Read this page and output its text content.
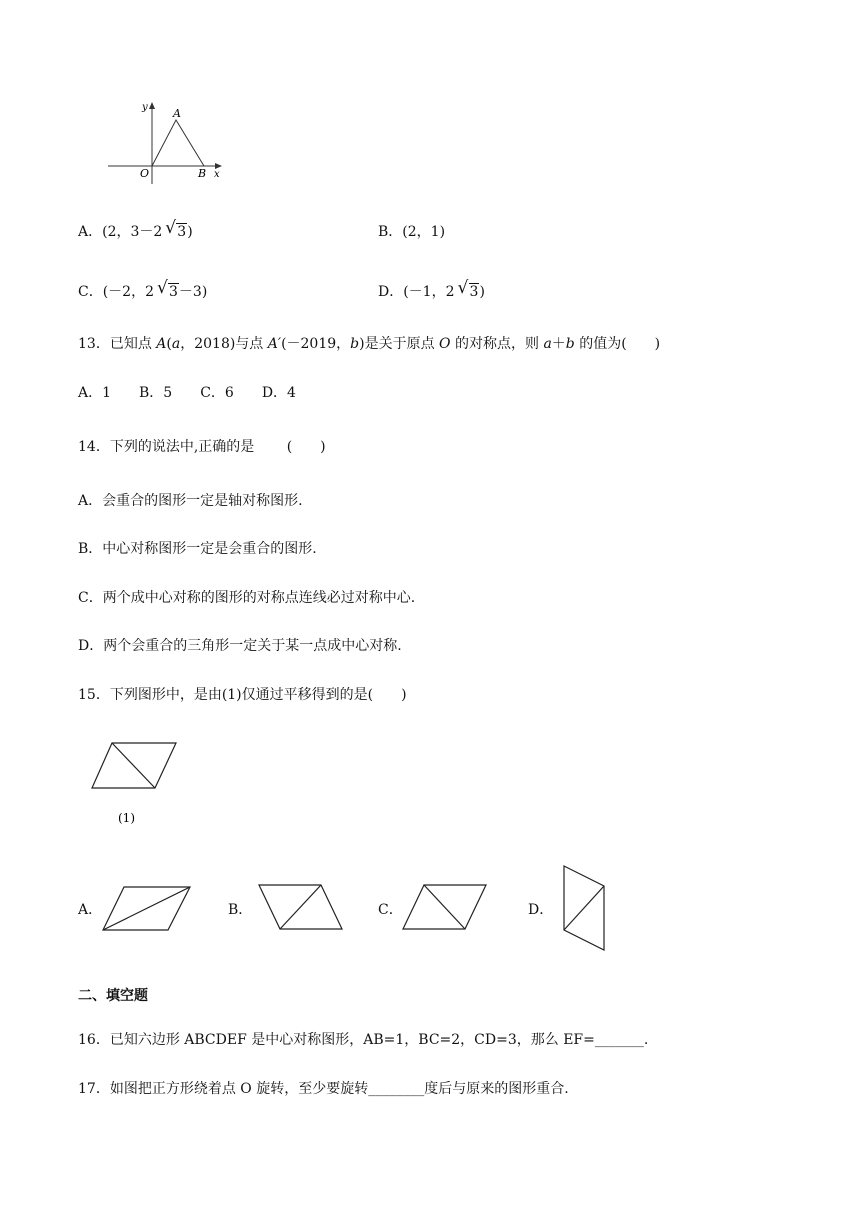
y A
O	B x
A．(2，3－2 √ 3)	B．(2，1)
C．(－2，2 √ 3－3)	D．(－1，2 √ 3)
13．已知点 A(a，2018)与点 A′(－2019，b)是关于原点 O 的对称点，则 a＋b 的值为(　　)
A．1　　B．5　　C．6　　D．4
14．下列的说法中,正确的是　　 (　　)
A．会重合的图形一定是轴对称图形.
B．中心对称图形一定是会重合的图形.
C．两个成中心对称的图形的对称点连线必过对称中心.
D．两个会重合的三角形一定关于某一点成中心对称.
15．下列图形中，是由(1)仅通过平移得到的是(　　)
(1)
A．	B．	C．	D．
二、填空题
16．已知六边形 ABCDEF 是中心对称图形，AB=1，BC=2，CD=3，那么 EF=_______.
17．如图把正方形绕着点 O 旋转，至少要旋转________度后与原来的图形重合.
